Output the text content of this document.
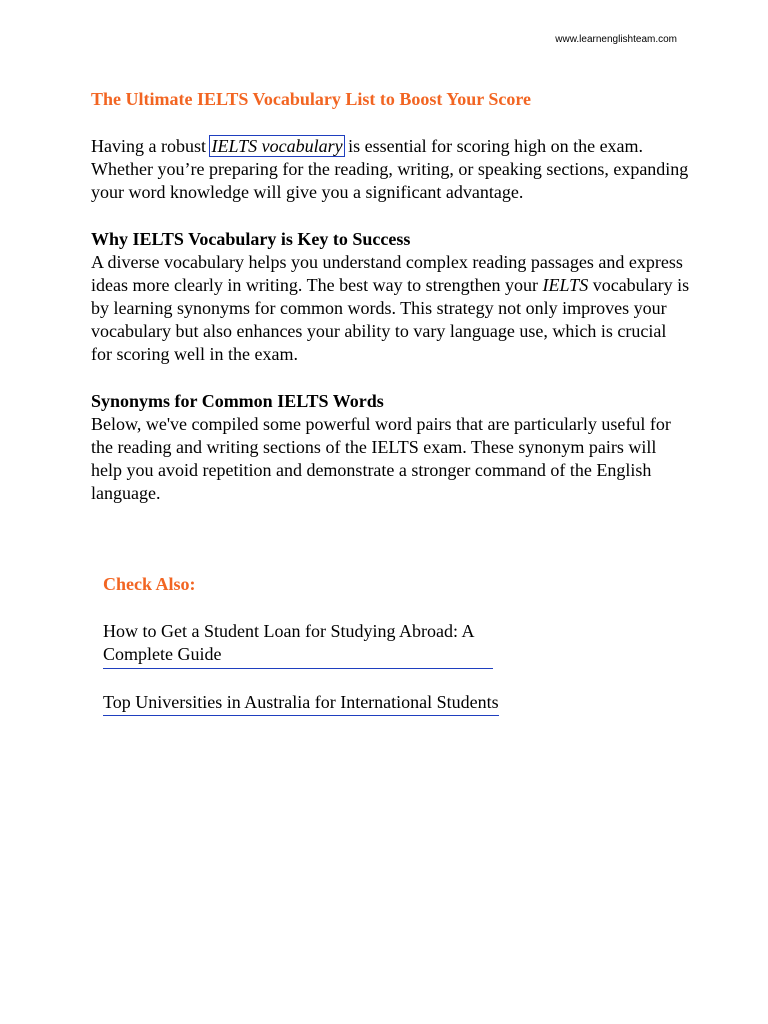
www.learnenglishteam.com
The Ultimate IELTS Vocabulary List to Boost Your Score

Having a robust IELTS vocabulary is essential for scoring high on the exam. Whether you’re preparing for the reading, writing, or speaking sections, expanding your word knowledge will give you a significant advantage.

Why IELTS Vocabulary is Key to Success
A diverse vocabulary helps you understand complex reading passages and express ideas more clearly in writing. The best way to strengthen your IELTS vocabulary is by learning synonyms for common words. This strategy not only improves your vocabulary but also enhances your ability to vary language use, which is crucial for scoring well in the exam.
Synonyms for Common IELTS Words
Below, we've compiled some powerful word pairs that are particularly useful for the reading and writing sections of the IELTS exam. These synonym pairs will help you avoid repetition and demonstrate a stronger command of the English language.
Check Also:
How to Get a Student Loan for Studying Abroad: A Complete Guide
Top Universities in Australia for International Students
